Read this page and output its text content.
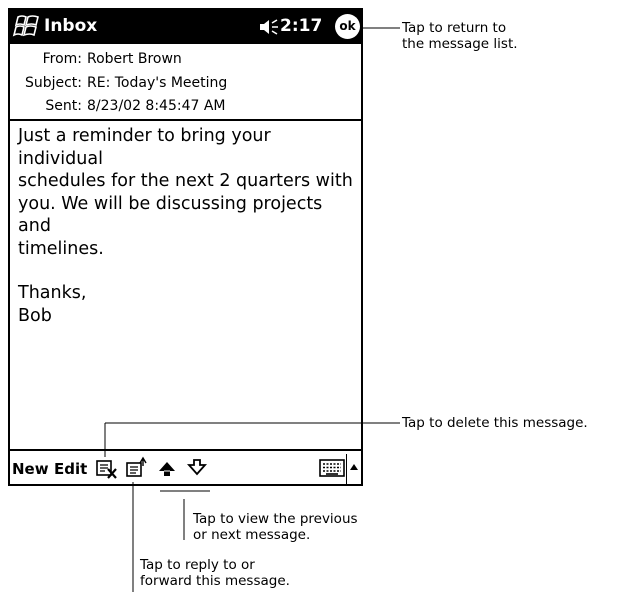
Inbox	2:17	ok
From: Robert Brown
Subject: RE: Today's Meeting
Sent: 8/23/02 8:45:47 AM

Just a reminder to bring your individual

schedules for the next 2 quarters with

you. We will be discussing projects and

timelines.

Thanks,

Bob

New Edit
Tap to return to
the message list.
Tap to delete this message.
Tap to view the previous
or next message.
Tap to reply to or
forward this message.
